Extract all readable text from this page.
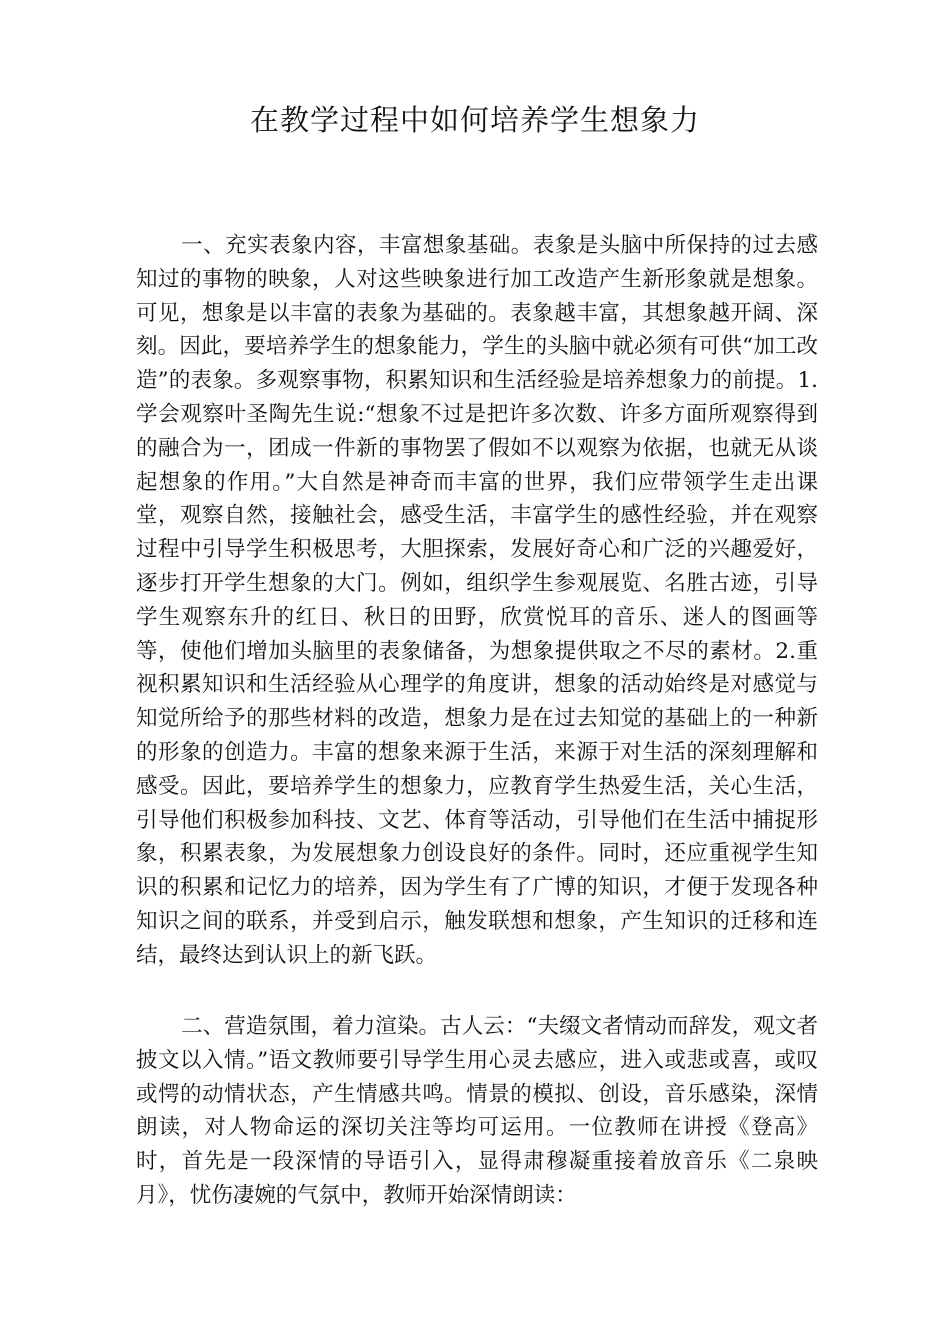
在教学过程中如何培养学生想象力

一、充实表象内容，丰富想象基础。表象是头脑中所保持的过去感知过的事物的映象，人对这些映象进行加工改造产生新形象就是想象。可见，想象是以丰富的表象为基础的。表象越丰富，其想象越开阔、深刻。因此，要培养学生的想象能力，学生的头脑中就必须有可供“加工改造”的表象。多观察事物，积累知识和生活经验是培养想象力的前提。1.学会观察叶圣陶先生说:“想象不过是把许多次数、许多方面所观察得到的融合为一，团成一件新的事物罢了假如不以观察为依据，也就无从谈起想象的作用。”大自然是神奇而丰富的世界，我们应带领学生走出课堂，观察自然，接触社会，感受生活，丰富学生的感性经验，并在观察过程中引导学生积极思考，大胆探索，发展好奇心和广泛的兴趣爱好，逐步打开学生想象的大门。例如，组织学生参观展览、名胜古迹，引导学生观察东升的红日、秋日的田野，欣赏悦耳的音乐、迷人的图画等等，使他们增加头脑里的表象储备，为想象提供取之不尽的素材。2.重视积累知识和生活经验从心理学的角度讲，想象的活动始终是对感觉与知觉所给予的那些材料的改造，想象力是在过去知觉的基础上的一种新的形象的创造力。丰富的想象来源于生活，来源于对生活的深刻理解和感受。因此，要培养学生的想象力，应教育学生热爱生活，关心生活，引导他们积极参加科技、文艺、体育等活动，引导他们在生活中捕捉形象，积累表象，为发展想象力创设良好的条件。同时，还应重视学生知识的积累和记忆力的培养，因为学生有了广博的知识，才便于发现各种知识之间的联系，并受到启示，触发联想和想象，产生知识的迁移和连结，最终达到认识上的新飞跃。

二、营造氛围，着力渲染。古人云：“夫缀文者情动而辞发，观文者披文以入情。”语文教师要引导学生用心灵去感应，进入或悲或喜，或叹或愕的动情状态，产生情感共鸣。情景的模拟、创设，音乐感染，深情朗读，对人物命运的深切关注等均可运用。一位教师在讲授《登高》时，首先是一段深情的导语引入，显得肃穆凝重接着放音乐《二泉映月》，忧伤凄婉的气氛中，教师开始深情朗读：
